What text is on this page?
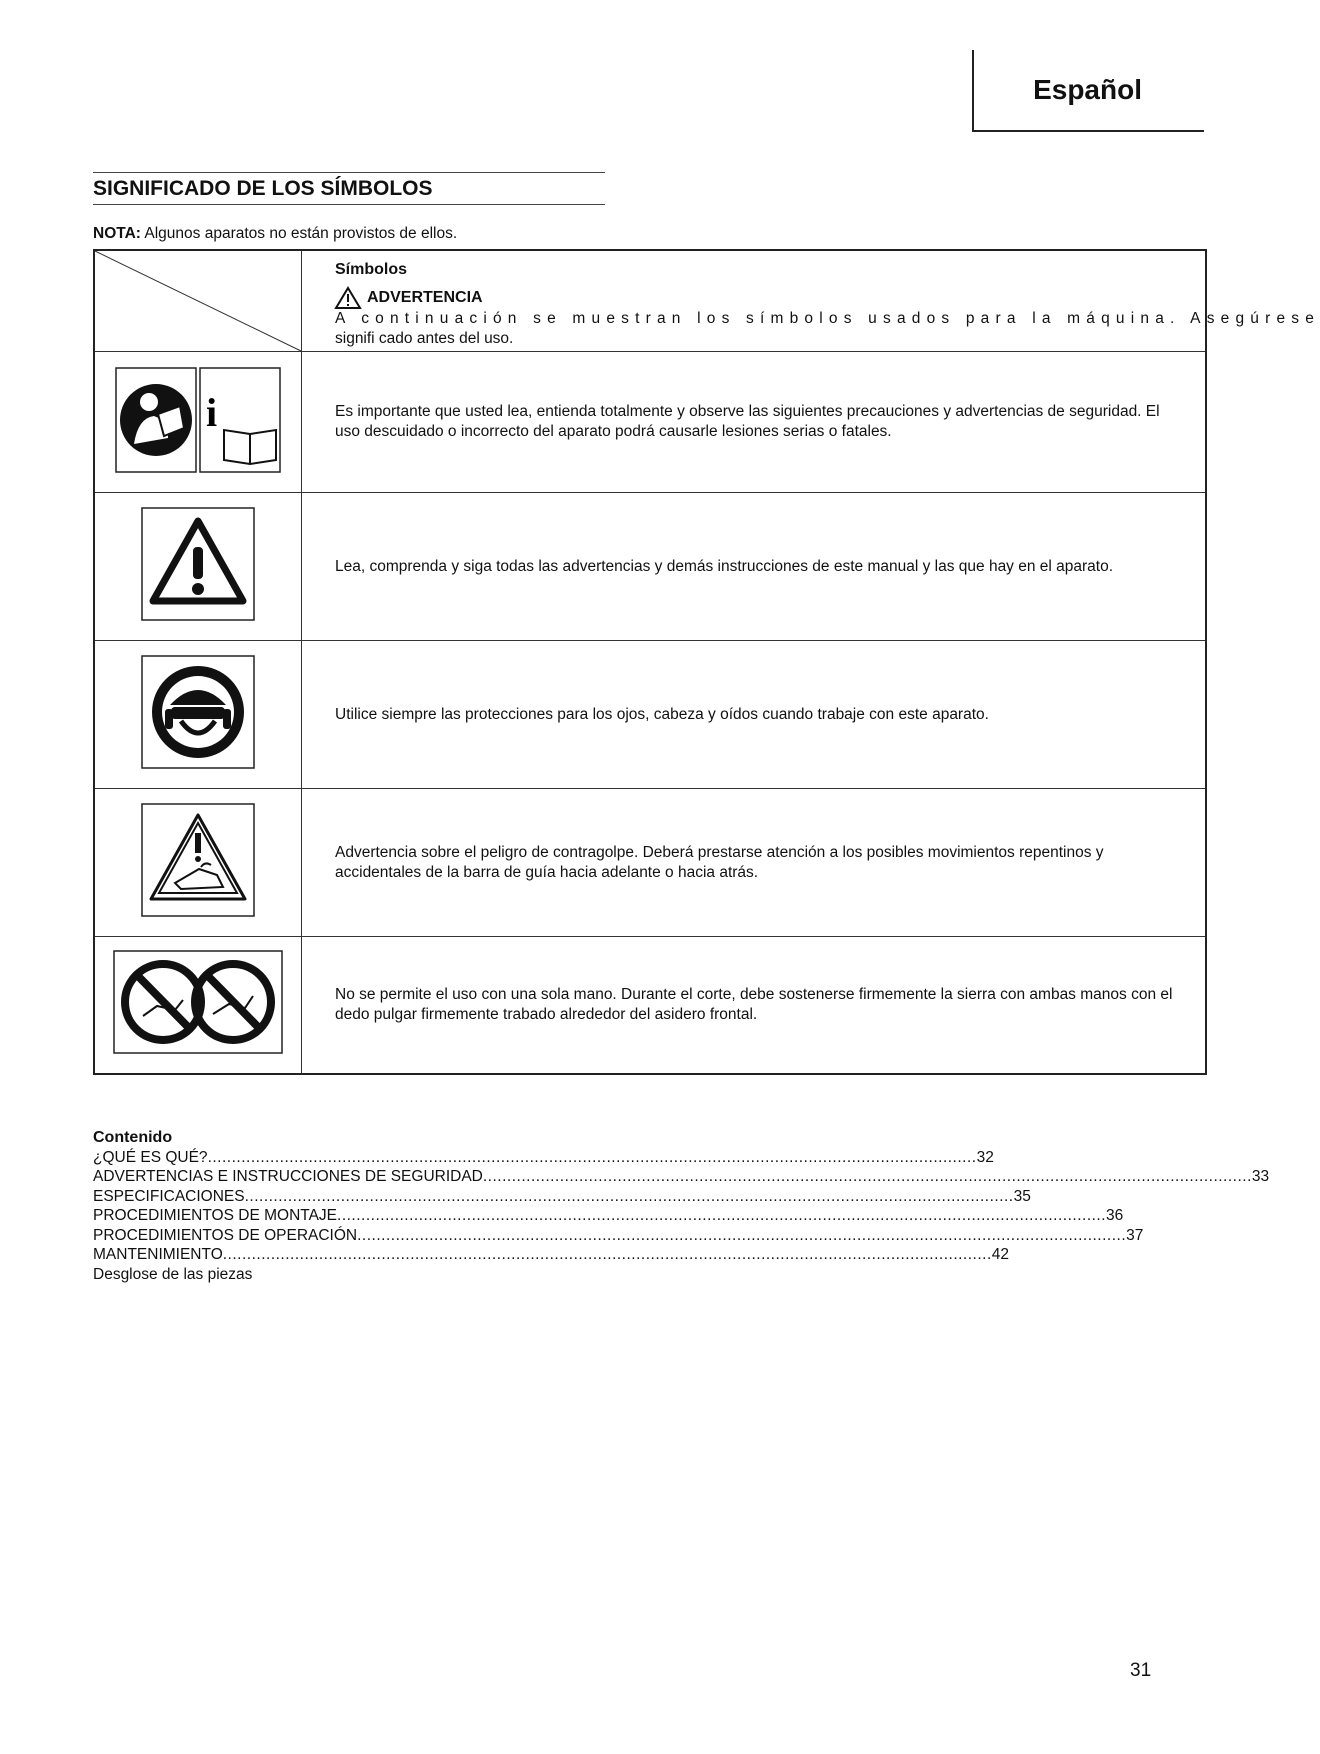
Español
SIGNIFICADO DE LOS SÍMBOLOS
NOTA: Algunos aparatos no están provistos de ellos.

Símbolos
ADVERTENCIA
A continuación se muestran los símbolos usados para la máquina. Asegúrese
signifi cado antes del uso.

i	Es importante que usted lea, entienda totalmente y observe las siguientes precauciones y advertencias de seguridad. El uso descuidado o incorrecto del aparato podrá causarle lesiones serias o fatales.
	Lea, comprenda y siga todas las advertencias y demás instrucciones de este manual y las que hay en el aparato.
	Utilice siempre las protecciones para los ojos, cabeza y oídos cuando trabaje con este aparato.
	Advertencia sobre el peligro de contragolpe. Deberá prestarse atención a los posibles movimientos repentinos y accidentales de la barra de guía hacia adelante o hacia atrás.
	No se permite el uso con una sola mano. Durante el corte, debe sostenerse firmemente la sierra con ambas manos con el dedo pulgar firmemente trabado alrededor del asidero frontal.
Contenido
¿QUÉ ES QUÉ? .....	32
ADVERTENCIAS E INSTRUCCIONES DE SEGURIDAD .....	33
ESPECIFICACIONES .....	35
PROCEDIMIENTOS DE MONTAJE .....	36
PROCEDIMIENTOS DE OPERACIÓN .....	37
MANTENIMIENTO .....	42
Desglose de las piezas
31
